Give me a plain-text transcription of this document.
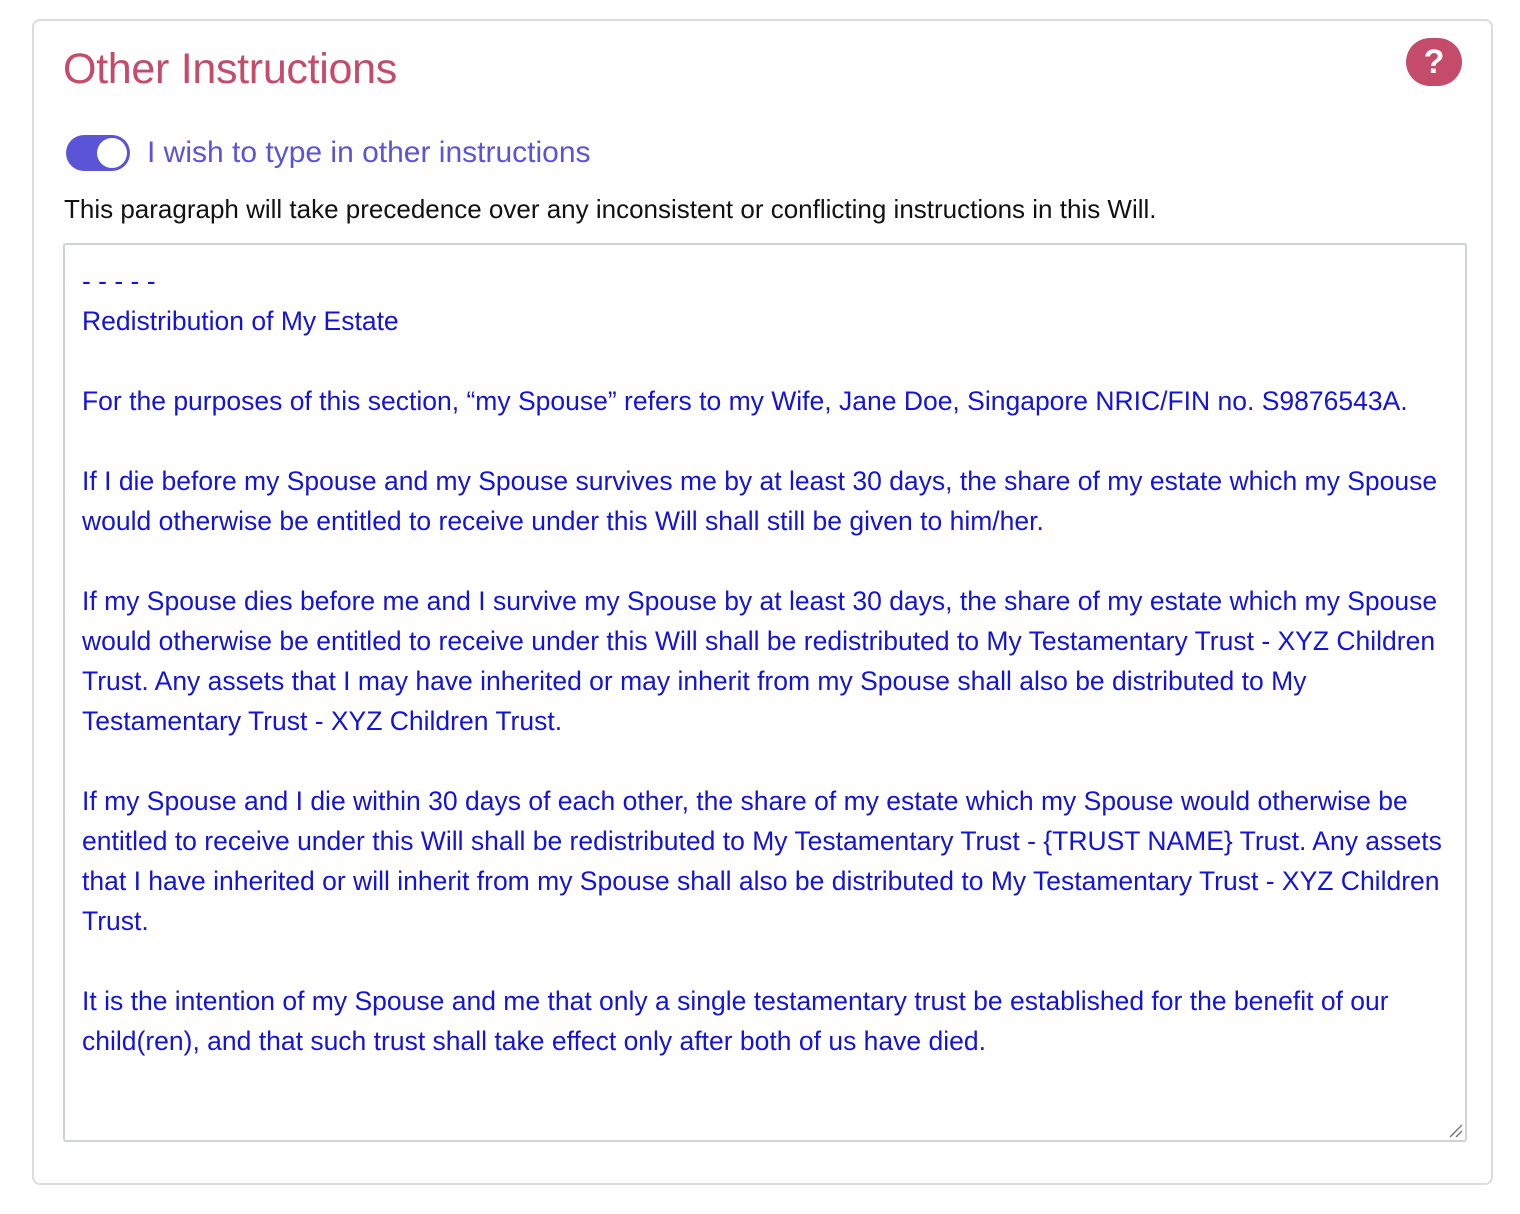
Other Instructions	?
I wish to type in other instructions

This paragraph will take precedence over any inconsistent or conflicting instructions in this Will.

- - - - -
Redistribution of My Estate

For the purposes of this section, “my Spouse” refers to my Wife, Jane Doe, Singapore NRIC/FIN no. S9876543A.

If I die before my Spouse and my Spouse survives me by at least 30 days, the share of my estate which my Spouse would otherwise be entitled to receive under this Will shall still be given to him/her.

If my Spouse dies before me and I survive my Spouse by at least 30 days, the share of my estate which my Spouse would otherwise be entitled to receive under this Will shall be redistributed to My Testamentary Trust - XYZ Children Trust. Any assets that I may have inherited or may inherit from my Spouse shall also be distributed to My Testamentary Trust - XYZ Children Trust.

If my Spouse and I die within 30 days of each other, the share of my estate which my Spouse would otherwise be entitled to receive under this Will shall be redistributed to My Testamentary Trust - {TRUST NAME} Trust. Any assets that I have inherited or will inherit from my Spouse shall also be distributed to My Testamentary Trust - XYZ Children Trust.

It is the intention of my Spouse and me that only a single testamentary trust be established for the benefit of our child(ren), and that such trust shall take effect only after both of us have died.
